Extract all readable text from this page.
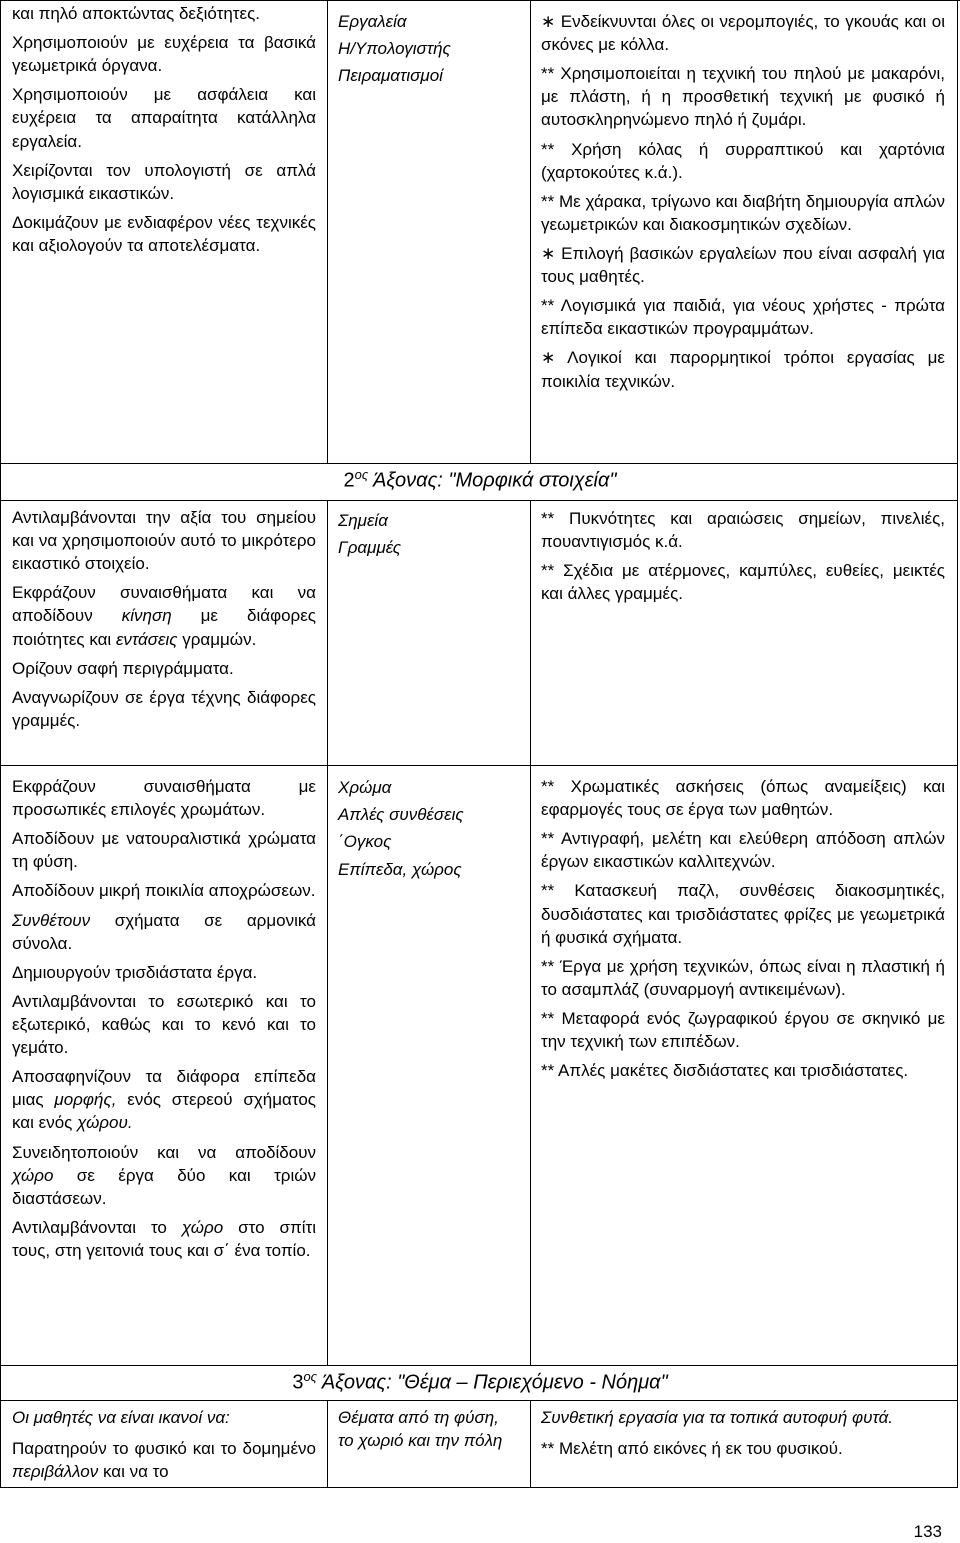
και πηλό αποκτώντας δεξιότητες.

Χρησιμοποιούν με ευχέρεια τα βασικά γεωμετρικά όργανα.

Χρησιμοποιούν με ασφάλεια και ευχέρεια τα απαραίτητα κατάλληλα εργαλεία.

Χειρίζονται τον υπολογιστή σε απλά λογισμικά εικαστικών.

Δοκιμάζουν με ενδιαφέρον νέες τεχνικές και αξιολογούν τα αποτελέσματα.

Εργαλεία
Η/Υπολογιστής
Πειραματισμοί

∗ Ενδείκνυνται όλες οι νερομπογιές, το γκουάς και οι σκόνες με κόλλα.

** Χρησιμοποιείται η τεχνική του πηλού με μακαρόνι, με πλάστη, ή η προσθετική τεχνική με φυσικό ή αυτοσκληρηνώμενο πηλό ή ζυμάρι.

** Χρήση κόλας ή συρραπτικού και χαρτόνια (χαρτοκούτες κ.ά.).

** Με χάρακα, τρίγωνο και διαβήτη δημιουργία απλών γεωμετρικών και διακοσμητικών σχεδίων.

∗ Επιλογή βασικών εργαλείων που είναι ασφαλή για τους μαθητές.

** Λογισμικά για παιδιά, για νέους χρήστες - πρώτα επίπεδα εικαστικών προγραμμάτων.

∗ Λογικοί και παρορμητικοί τρόποι εργασίας με ποικιλία τεχνικών.

$2^{o\varsigma}$ Άξονας: "Μορφικά στοιχεία"

Αντιλαμβάνονται την αξία του σημείου και να χρησιμοποιούν αυτό το μικρότερο εικαστικό στοιχείο.

Εκφράζουν συναισθήματα και να αποδίδουν κίνηση με διάφορες ποιότητες και εντάσεις γραμμών.

Ορίζουν σαφή περιγράμματα.

Αναγνωρίζουν σε έργα τέχνης διάφορες γραμμές.

Σημεία
Γραμμές

** Πυκνότητες και αραιώσεις σημείων, πινελιές, πουαντιγισμός κ.ά.

** Σχέδια με ατέρμονες, καμπύλες, ευθείες, μεικτές και άλλες γραμμές.

Εκφράζουν συναισθήματα με προσωπικές επιλογές χρωμάτων.

Αποδίδουν με νατουραλιστικά χρώματα τη φύση.

Αποδίδουν μικρή ποικιλία αποχρώσεων.

Συνθέτουν σχήματα σε αρμονικά σύνολα.

Δημιουργούν τρισδιάστατα έργα.

Αντιλαμβάνονται το εσωτερικό και το εξωτερικό, καθώς και το κενό και το γεμάτο.

Αποσαφηνίζουν τα διάφορα επίπεδα μιας μορφής, ενός στερεού σχήματος και ενός χώρου.

Συνειδητοποιούν και να αποδίδουν χώρο σε έργα δύο και τριών διαστάσεων.

Αντιλαμβάνονται το χώρο στο σπίτι τους, στη γειτονιά τους και σ΄ ένα τοπίο.

Χρώμα
Απλές συνθέσεις
΄Ογκος
Επίπεδα, χώρος

** Χρωματικές ασκήσεις (όπως αναμείξεις) και εφαρμογές τους σε έργα των μαθητών.

** Αντιγραφή, μελέτη και ελεύθερη απόδοση απλών έργων εικαστικών καλλιτεχνών.

** Κατασκευή παζλ, συνθέσεις διακοσμητικές, δυσδιάστατες και τρισδιάστατες φρίζες με γεωμετρικά ή φυσικά σχήματα.

** Έργα με χρήση τεχνικών, όπως είναι η πλαστική ή το ασαμπλάζ (συναρμογή αντικειμένων).

** Μεταφορά ενός ζωγραφικού έργου σε σκηνικό με την τεχνική των επιπέδων.

** Απλές μακέτες δισδιάστατες και τρισδιάστατες.

$3^{o\varsigma}$ Άξονας: "Θέμα – Περιεχόμενο - Νόημα"

Οι μαθητές να είναι ικανοί να:

Παρατηρούν το φυσικό και το δομημένο περιβάλλον και να το

Θέματα από τη φύση, το χωριό και την πόλη

Συνθετική εργασία για τα τοπικά αυτοφυή φυτά.

** Μελέτη από εικόνες ή εκ του φυσικού.

133
